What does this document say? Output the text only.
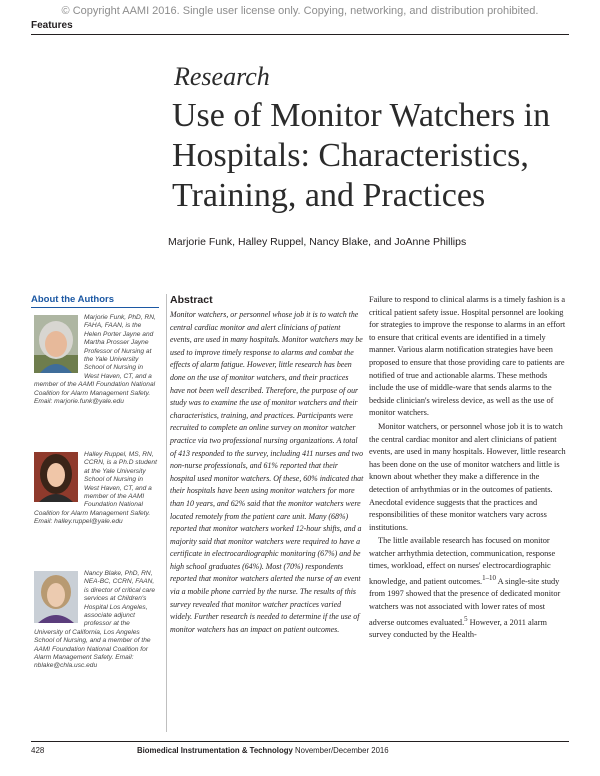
© Copyright AAMI 2016. Single user license only. Copying, networking, and distribution prohibited.
Features
Research
Use of Monitor Watchers in Hospitals: Characteristics, Training, and Practices
Marjorie Funk, Halley Ruppel, Nancy Blake, and JoAnne Phillips
About the Authors
Marjorie Funk, PhD, RN, FAHA, FAAN, is the Helen Porter Jayne and Martha Prosser Jayne Professor of Nursing at the Yale University School of Nursing in West Haven, CT, and a member of the AAMI Foundation National Coalition for Alarm Management Safety. Email: marjorie.funk@yale.edu
Halley Ruppel, MS, RN, CCRN, is a Ph.D student at the Yale University School of Nursing in West Haven, CT, and a member of the AAMI Foundation National Coalition for Alarm Management Safety. Email: halley.ruppel@yale.edu
Nancy Blake, PhD, RN, NEA-BC, CCRN, FAAN, is director of critical care services at Children's Hospital Los Angeles, associate adjunct professor at the University of California, Los Angeles School of Nursing, and a member of the AAMI Foundation National Coalition for Alarm Management Safety. Email: nblake@chla.usc.edu
Abstract
Monitor watchers, or personnel whose job it is to watch the central cardiac monitor and alert clinicians of patient events, are used in many hospitals. Monitor watchers may be used to improve timely response to alarms and combat the effects of alarm fatigue. However, little research has been done on the use of monitor watchers, and their practices have not been well described. Therefore, the purpose of our study was to examine the use of monitor watchers and their characteristics, training, and practices. Participants were recruited to complete an online survey on monitor watcher practice via two professional nursing organizations. A total of 413 responded to the survey, including 411 nurses and two non-nurse professionals, and 61% reported that their hospital used monitor watchers. Of these, 60% indicated that their hospitals have been using monitor watchers for more than 10 years, and 62% said that the monitor watchers were located remotely from the patient care unit. Many (68%) reported that monitor watchers worked 12-hour shifts, and a majority said that monitor watchers were required to have a certificate in electrocardiographic monitoring (67%) and be high school graduates (64%). Most (70%) respondents reported that monitor watchers alerted the nurse of an event via a mobile phone carried by the nurse. The results of this survey revealed that monitor watcher practices varied widely. Further research is needed to determine if the use of monitor watchers has an impact on patient outcomes.

Failure to respond to clinical alarms is a timely fashion is a critical patient safety issue. Hospital personnel are looking for strategies to improve the response to alarms in an effort to ensure that critical events are identified in a timely manner. Various alarm notification strategies have been proposed to ensure that those providing care to patients are notified of true and actionable alarms. These methods include the use of middle-ware that sends alarms to the bedside clinician's wireless device, as well as the use of monitor watchers.

Monitor watchers, or personnel whose job it is to watch the central cardiac monitor and alert clinicians of patient events, are used in many hospitals. However, little research has been done on the use of monitor watchers and little is known about whether they make a difference in the detection of arrhythmias or in the outcomes of patients. Anecdotal evidence suggests that the practices and responsibilities of these monitor watchers vary across institutions.

The little available research has focused on monitor watcher arrhythmia detection, communication, response times, workload, effect on nurses' electrocardiographic knowledge, and patient outcomes.$^{1-10}$ A single-site study from 1997 showed that the presence of dedicated monitor watchers was not associated with lower rates of most adverse outcomes evaluated.$^5$ However, a 2011 alarm survey conducted by the Health-

428	Biomedical Instrumentation & Technology November/December 2016
